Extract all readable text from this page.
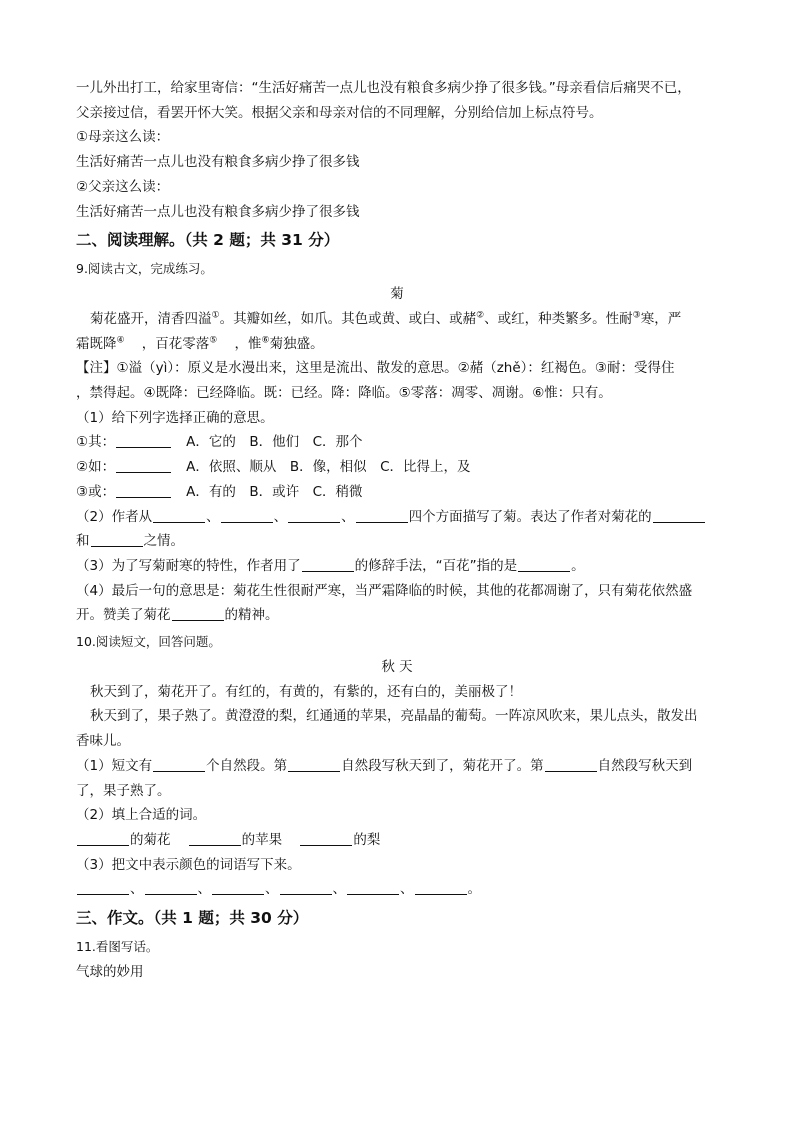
一儿外出打工，给家里寄信：“生活好痛苦一点儿也没有粮食多病少挣了很多钱。”母亲看信后痛哭不已，
父亲接过信，看罢开怀大笑。根据父亲和母亲对信的不同理解，分别给信加上标点符号。
①母亲这么读：
生活好痛苦一点儿也没有粮食多病少挣了很多钱
②父亲这么读：
生活好痛苦一点儿也没有粮食多病少挣了很多钱
二、阅读理解。（共 2 题；共 31 分）
9.阅读古文，完成练习。
菊
菊花盛开，清香四溢①。其瓣如丝，如爪。其色或黄、或白、或赭②、或红，种类繁多。性耐③寒，严
霜既降④ ，百花零落⑤ ，惟⑥菊独盛。
【注】①溢（yì）：原义是水漫出来，这里是流出、散发的意思。②赭（zhě）：红褐色。③耐：受得住
，禁得起。④既降：已经降临。既：已经。降：降临。⑤零落：凋零、凋谢。⑥惟：只有。
（1）给下列字选择正确的意思。
①其：	A．它的　B．他们　C．那个
②如：	A．依照、顺从　B．像，相似　C．比得上，及
③或：	A．有的　B．或许　C．稍微
（2）作者从	、	、	、	四个方面描写了菊。表达了作者对菊花的
和	之情。
（3）为了写菊耐寒的特性，作者用了	的修辞手法，“百花”指的是	。
（4）最后一句的意思是：菊花生性很耐严寒，当严霜降临的时候，其他的花都凋谢了，只有菊花依然盛
开。赞美了菊花	的精神。
10.阅读短文，回答问题。
秋 天
秋天到了，菊花开了。有红的，有黄的，有紫的，还有白的，美丽极了！
秋天到了，果子熟了。黄澄澄的梨，红通通的苹果，亮晶晶的葡萄。一阵凉风吹来，果儿点头，散发出
香味儿。
（1）短文有	个自然段。第	自然段写秋天到了，菊花开了。第	自然段写秋天到
了，果子熟了。
（2）填上合适的词。
的菊花	的苹果	的梨
（3）把文中表示颜色的词语写下来。
、	、	、	、	、	。
三、作文。（共 1 题；共 30 分）
11.看图写话。
气球的妙用
